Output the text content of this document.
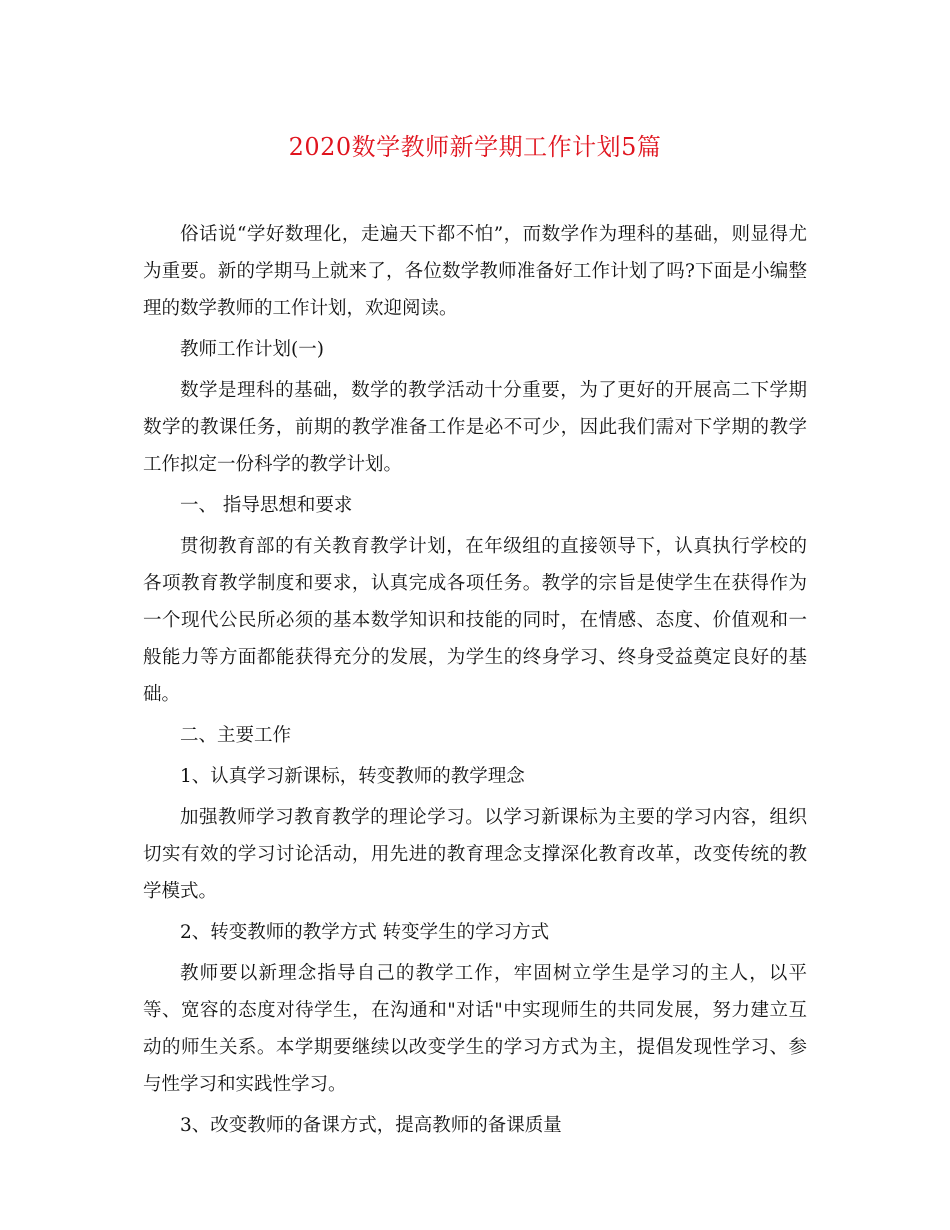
2020数学教师新学期工作计划5篇

俗话说“学好数理化，走遍天下都不怕”，而数学作为理科的基础，则显得尤为重要。新的学期马上就来了，各位数学教师准备好工作计划了吗?下面是小编整理的数学教师的工作计划，欢迎阅读。

教师工作计划(一)

数学是理科的基础，数学的教学活动十分重要，为了更好的开展高二下学期数学的教课任务，前期的教学准备工作是必不可少，因此我们需对下学期的教学工作拟定一份科学的教学计划。

一、 指导思想和要求

贯彻教育部的有关教育教学计划，在年级组的直接领导下，认真执行学校的各项教育教学制度和要求，认真完成各项任务。教学的宗旨是使学生在获得作为一个现代公民所必须的基本数学知识和技能的同时，在情感、态度、价值观和一般能力等方面都能获得充分的发展，为学生的终身学习、终身受益奠定良好的基础。

二、主要工作

1、认真学习新课标，转变教师的教学理念

加强教师学习教育教学的理论学习。以学习新课标为主要的学习内容，组织切实有效的学习讨论活动，用先进的教育理念支撑深化教育改革，改变传统的教学模式。

2、转变教师的教学方式 转变学生的学习方式

教师要以新理念指导自己的教学工作，牢固树立学生是学习的主人，以平等、宽容的态度对待学生，在沟通和"对话"中实现师生的共同发展，努力建立互动的师生关系。本学期要继续以改变学生的学习方式为主，提倡发现性学习、参与性学习和实践性学习。

3、改变教师的备课方式，提高教师的备课质量
